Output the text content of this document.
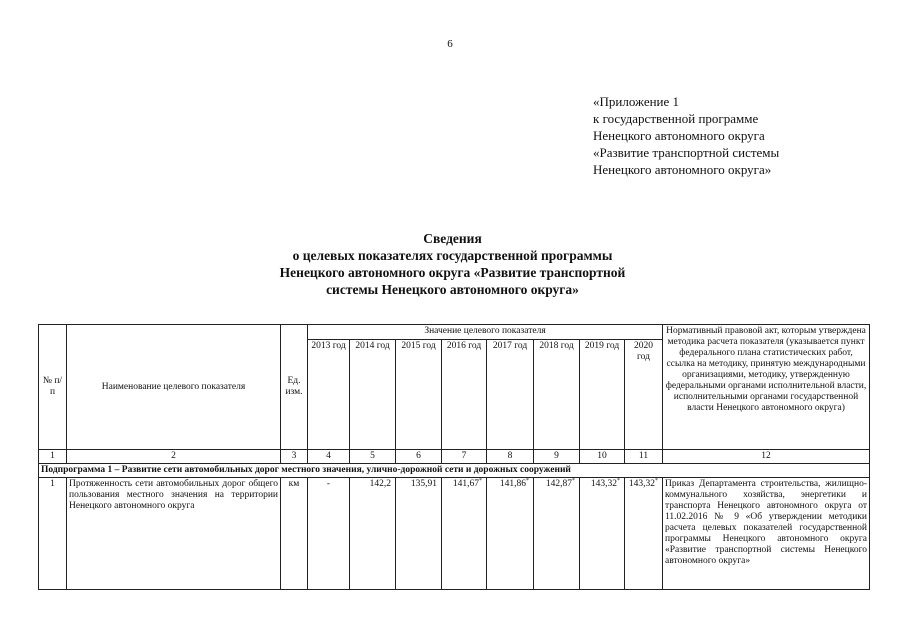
6
«Приложение 1
к государственной программе
Ненецкого автономного округа
«Развитие транспортной системы
Ненецкого автономного округа»
Сведения
о целевых показателях государственной программы
Ненецкого автономного округа «Развитие транспортной
системы Ненецкого автономного округа»
№ п/п	Наименование целевого показателя	Ед. изм.	Значение целевого показателя								Нормативный правовой акт, которым утверждена методика расчета показателя (указывается пункт федерального плана статистических работ, ссылка на методику, принятую международными организациями, методику, утвержденную федеральными органами исполнительной власти, исполнительными органами государственной власти Ненецкого автономного округа)
			2013 год	2014 год	2015 год	2016 год	2017 год	2018 год	2019 год	2020 год	
1	2	3	4	5	6	7	8	9	10	11	12
Подпрограмма 1 – Развитие сети автомобильных дорог местного значения, улично-дорожной сети и дорожных сооружений											
1	Протяженность сети автомобильных дорог общего пользования местного значения на территории Ненецкого автономного округа	км	-	142,2	135,91	141,67*	141,86*	142,87*	143,32*	143,32*	Приказ Департамента строительства, жилищно-коммунального хозяйства, энергетики и транспорта Ненецкого автономного округа от 11.02.2016 № 9 «Об утверждении методики расчета целевых показателей государственной программы Ненецкого автономного округа «Развитие транспортной системы Ненецкого автономного округа»
